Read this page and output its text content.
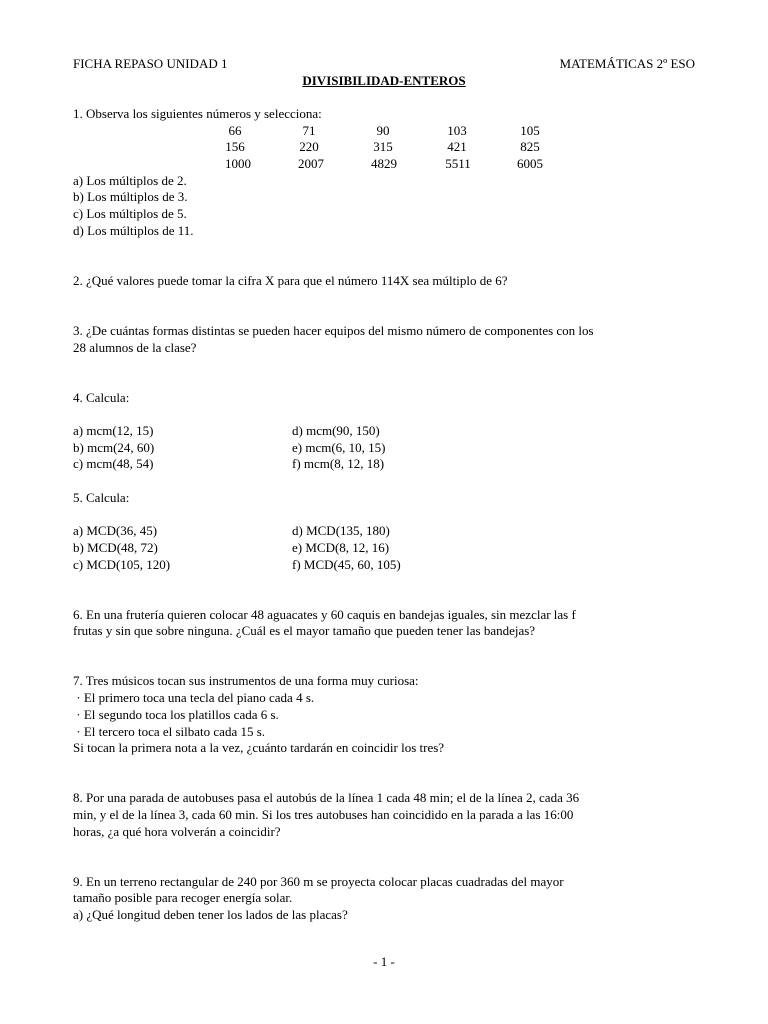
FICHA REPASO UNIDAD 1	MATEMÁTICAS 2º ESO
DIVISIBILIDAD-ENTEROS
1. Observa los siguientes números y selecciona:
66	71	90	103	105
156	220	315	421	825
1000	2007	4829	5511	6005
a) Los múltiplos de 2.
b) Los múltiplos de 3.
c) Los múltiplos de 5.
d) Los múltiplos de 11.
2. ¿Qué valores puede tomar la cifra X para que el número 114X sea múltiplo de 6?
3. ¿De cuántas formas distintas se pueden hacer equipos del mismo número de componentes con los
28 alumnos de la clase?
4. Calcula:
a) mcm(12, 15)	d) mcm(90, 150)
b) mcm(24, 60)	e) mcm(6, 10, 15)
c) mcm(48, 54)	f) mcm(8, 12, 18)
5. Calcula:
a) MCD(36, 45)	d) MCD(135, 180)
b) MCD(48, 72)	e) MCD(8, 12, 16)
c) MCD(105, 120)	f) MCD(45, 60, 105)
6. En una frutería quieren colocar 48 aguacates y 60 caquis en bandejas iguales, sin mezclar las f
frutas y sin que sobre ninguna. ¿Cuál es el mayor tamaño que pueden tener las bandejas?
7. Tres músicos tocan sus instrumentos de una forma muy curiosa:
· El primero toca una tecla del piano cada 4 s.
· El segundo toca los platillos cada 6 s.
· El tercero toca el silbato cada 15 s.
Si tocan la primera nota a la vez, ¿cuánto tardarán en coincidir los tres?
8. Por una parada de autobuses pasa el autobús de la línea 1 cada 48 min; el de la línea 2, cada 36
min, y el de la línea 3, cada 60 min. Si los tres autobuses han coincidido en la parada a las 16:00
horas, ¿a qué hora volverán a coincidir?
9. En un terreno rectangular de 240 por 360 m se proyecta colocar placas cuadradas del mayor
tamaño posible para recoger energía solar.
a) ¿Qué longitud deben tener los lados de las placas?
- 1 -
